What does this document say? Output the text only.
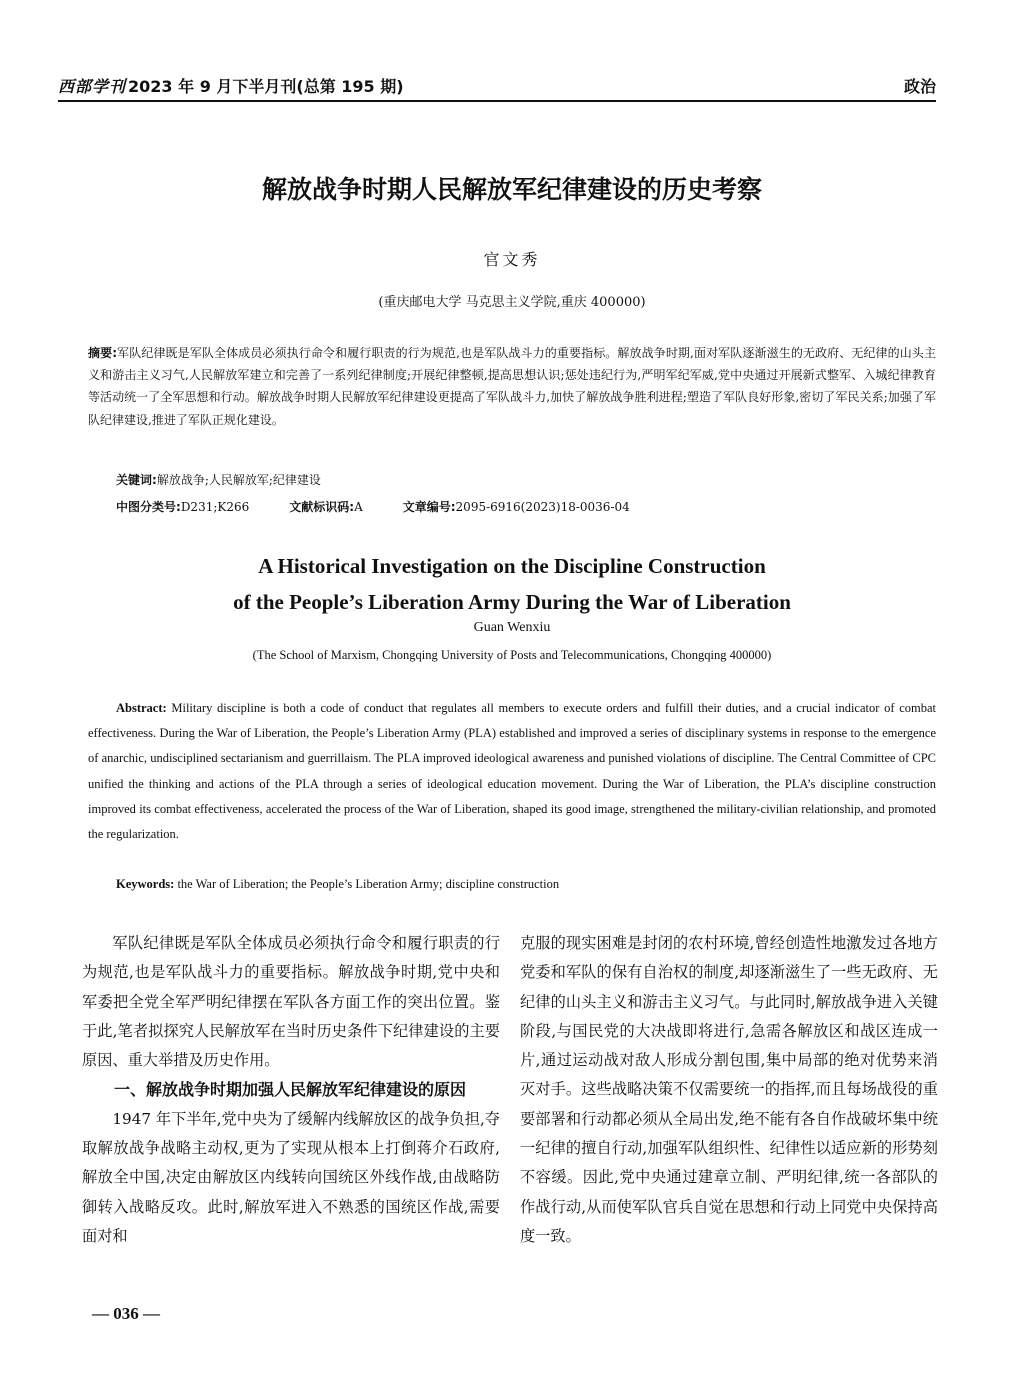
西部学刊 2023 年 9 月下半月刊(总第 195 期)	政治
解放战争时期人民解放军纪律建设的历史考察
官文秀
(重庆邮电大学 马克思主义学院,重庆 400000)
摘要:军队纪律既是军队全体成员必须执行命令和履行职责的行为规范,也是军队战斗力的重要指标。解放战争时期,面对军队逐渐滋生的无政府、无纪律的山头主义和游击主义习气,人民解放军建立和完善了一系列纪律制度;开展纪律整顿,提高思想认识;惩处违纪行为,严明军纪军威,党中央通过开展新式整军、入城纪律教育等活动统一了全军思想和行动。解放战争时期人民解放军纪律建设更提高了军队战斗力,加快了解放战争胜利进程;塑造了军队良好形象,密切了军民关系;加强了军队纪律建设,推进了军队正规化建设。
关键词:解放战争;人民解放军;纪律建设
中图分类号:D231;K266	文献标识码:A	文章编号:2095-6916(2023)18-0036-04
A Historical Investigation on the Discipline Construction
of the People’s Liberation Army During the War of Liberation
Guan Wenxiu
(The School of Marxism, Chongqing University of Posts and Telecommunications, Chongqing 400000)
Abstract: Military discipline is both a code of conduct that regulates all members to execute orders and fulfill their duties, and a crucial indicator of combat effectiveness. During the War of Liberation, the People’s Liberation Army (PLA) established and improved a series of disciplinary systems in response to the emergence of anarchic, undisciplined sectarianism and guerrillaism. The PLA improved ideological awareness and punished violations of discipline. The Central Committee of CPC unified the thinking and actions of the PLA through a series of ideological education movement. During the War of Liberation, the PLA’s discipline construction improved its combat effectiveness, accelerated the process of the War of Liberation, shaped its good image, strengthened the military-civilian relationship, and promoted the regularization.
Keywords: the War of Liberation; the People’s Liberation Army; discipline construction

军队纪律既是军队全体成员必须执行命令和履行职责的行为规范,也是军队战斗力的重要指标。解放战争时期,党中央和军委把全党全军严明纪律摆在军队各方面工作的突出位置。鉴于此,笔者拟探究人民解放军在当时历史条件下纪律建设的主要原因、重大举措及历史作用。

一、解放战争时期加强人民解放军纪律建设的原因

1947 年下半年,党中央为了缓解内线解放区的战争负担,夺取解放战争战略主动权,更为了实现从根本上打倒蒋介石政府,解放全中国,决定由解放区内线转向国统区外线作战,由战略防御转入战略反攻。此时,解放军进入不熟悉的国统区作战,需要面对和

克服的现实困难是封闭的农村环境,曾经创造性地激发过各地方党委和军队的保有自治权的制度,却逐渐滋生了一些无政府、无纪律的山头主义和游击主义习气。与此同时,解放战争进入关键阶段,与国民党的大决战即将进行,急需各解放区和战区连成一片,通过运动战对敌人形成分割包围,集中局部的绝对优势来消灭对手。这些战略决策不仅需要统一的指挥,而且每场战役的重要部署和行动都必须从全局出发,绝不能有各自作战破坏集中统一纪律的擅自行动,加强军队组织性、纪律性以适应新的形势刻不容缓。因此,党中央通过建章立制、严明纪律,统一各部队的作战行动,从而使军队官兵自觉在思想和行动上同党中央保持高度一致。

— 036 —
